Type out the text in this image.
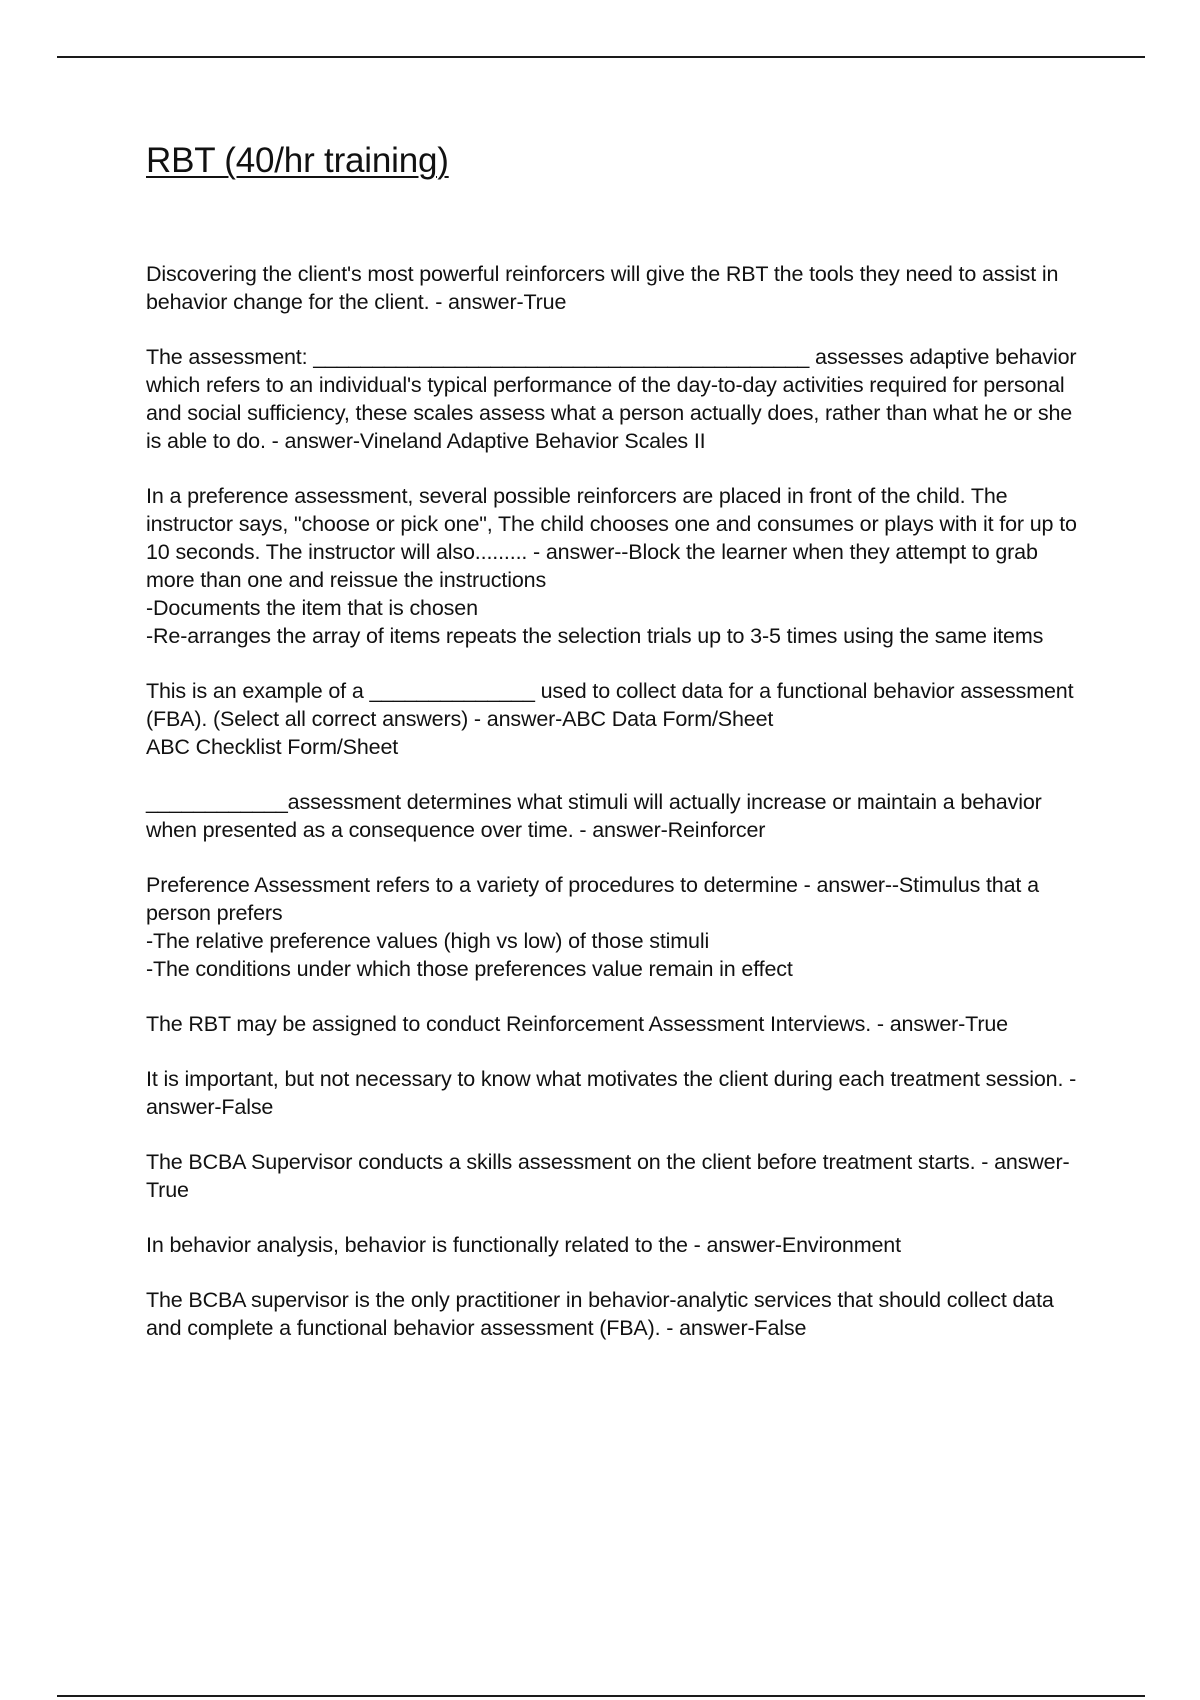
RBT (40/hr training)

Discovering the client's most powerful reinforcers will give the RBT the tools they need to assist in behavior change for the client. - answer-True

The assessment: __________________________________________ assesses adaptive behavior which refers to an individual's typical performance of the day-to-day activities required for personal and social sufficiency, these scales assess what a person actually does, rather than what he or she is able to do. - answer-Vineland Adaptive Behavior Scales II

In a preference assessment, several possible reinforcers are placed in front of the child. The instructor says, "choose or pick one", The child chooses one and consumes or plays with it for up to 10 seconds. The instructor will also......... - answer--Block the learner when they attempt to grab more than one and reissue the instructions
-Documents the item that is chosen
-Re-arranges the array of items repeats the selection trials up to 3-5 times using the same items

This is an example of a ______________ used to collect data for a functional behavior assessment (FBA). (Select all correct answers) - answer-ABC Data Form/Sheet
ABC Checklist Form/Sheet

____________assessment determines what stimuli will actually increase or maintain a behavior when presented as a consequence over time. - answer-Reinforcer

Preference Assessment refers to a variety of procedures to determine - answer--Stimulus that a person prefers
-The relative preference values (high vs low) of those stimuli
-The conditions under which those preferences value remain in effect

The RBT may be assigned to conduct Reinforcement Assessment Interviews. - answer-True

It is important, but not necessary to know what motivates the client during each treatment session. - answer-False

The BCBA Supervisor conducts a skills assessment on the client before treatment starts. - answer-True

In behavior analysis, behavior is functionally related to the - answer-Environment

The BCBA supervisor is the only practitioner in behavior-analytic services that should collect data and complete a functional behavior assessment (FBA). - answer-False
